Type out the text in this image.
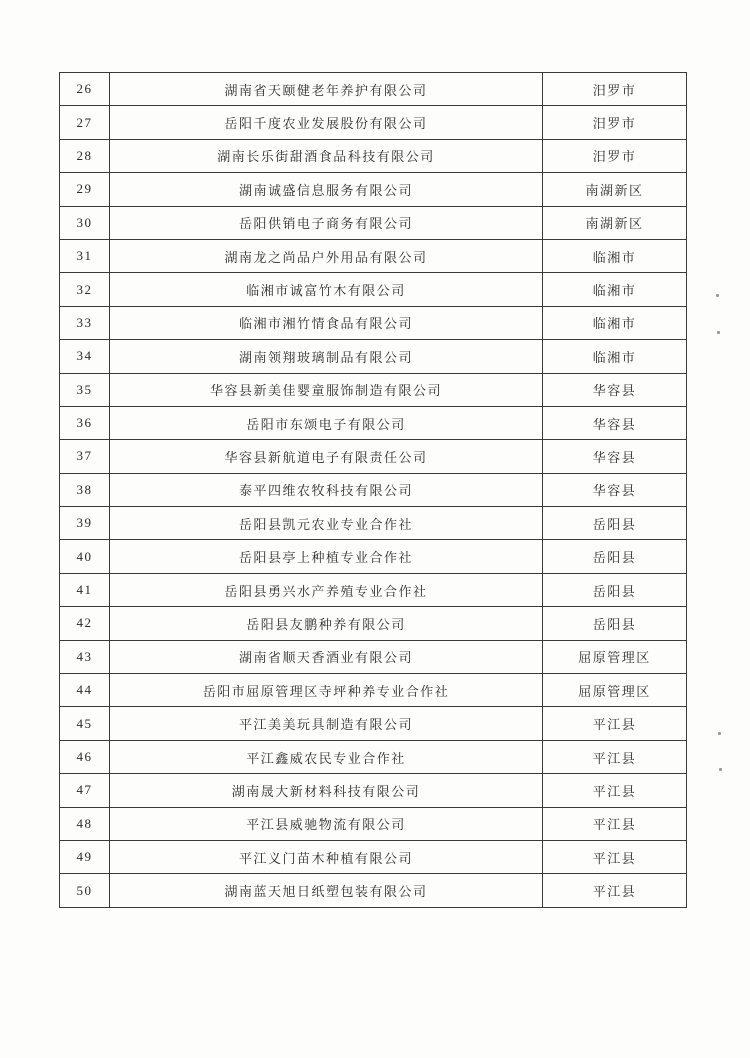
26	湖南省天颐健老年养护有限公司	汨罗市
27	岳阳千度农业发展股份有限公司	汨罗市
28	湖南长乐街甜酒食品科技有限公司	汨罗市
29	湖南诚盛信息服务有限公司	南湖新区
30	岳阳供销电子商务有限公司	南湖新区
31	湖南龙之尚品户外用品有限公司	临湘市
32	临湘市诚富竹木有限公司	临湘市
33	临湘市湘竹情食品有限公司	临湘市
34	湖南领翔玻璃制品有限公司	临湘市
35	华容县新美佳婴童服饰制造有限公司	华容县
36	岳阳市东颂电子有限公司	华容县
37	华容县新航道电子有限责任公司	华容县
38	泰平四维农牧科技有限公司	华容县
39	岳阳县凯元农业专业合作社	岳阳县
40	岳阳县亭上种植专业合作社	岳阳县
41	岳阳县勇兴水产养殖专业合作社	岳阳县
42	岳阳县友鹏种养有限公司	岳阳县
43	湖南省顺天香酒业有限公司	屈原管理区
44	岳阳市屈原管理区寺坪种养专业合作社	屈原管理区
45	平江美美玩具制造有限公司	平江县
46	平江鑫威农民专业合作社	平江县
47	湖南晟大新材料科技有限公司	平江县
48	平江县威驰物流有限公司	平江县
49	平江义门苗木种植有限公司	平江县
50	湖南蓝天旭日纸塑包装有限公司	平江县
